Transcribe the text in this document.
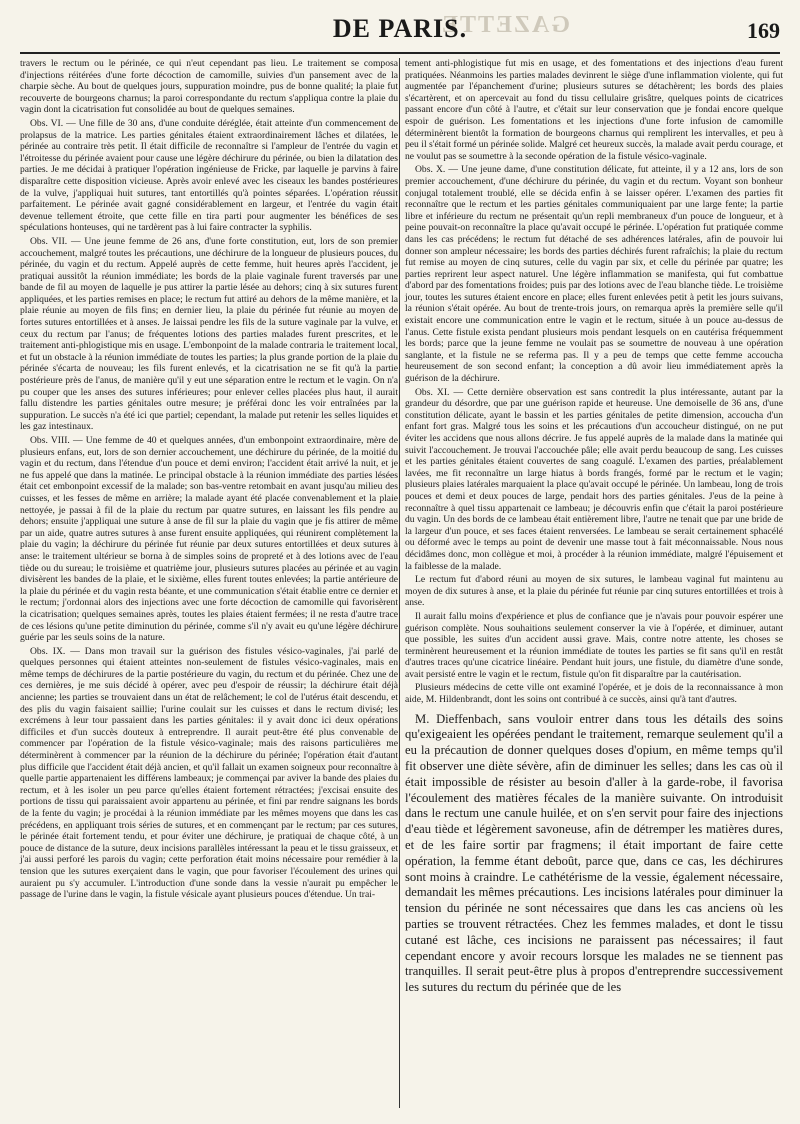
GAZETTE
DE PARIS.	169

travers le rectum ou le périnée, ce qui n'eut cependant pas lieu. Le traitement se composa d'injections réitérées d'une forte décoction de camomille, suivies d'un pansement avec de la charpie sèche. Au bout de quelques jours, suppuration moindre, pus de bonne qualité; la plaie fut recouverte de bourgeons charnus; la paroi correspondante du rectum s'appliqua contre la plaie du vagin dont la cicatrisation fut consolidée au bout de quelques semaines.

Obs. VI. — Une fille de 30 ans, d'une conduite déréglée, était atteinte d'un commencement de prolapsus de la matrice. Les parties génitales étaient extraordinairement lâches et dilatées, le périnée au contraire très petit. Il était difficile de reconnaître si l'ampleur de l'entrée du vagin et l'étroitesse du périnée avaient pour cause une légère déchirure du périnée, ou bien la dilatation des parties. Je me décidai à pratiquer l'opération ingénieuse de Fricke, par laquelle je parvins à faire disparaître cette disposition vicieuse. Après avoir enlevé avec les ciseaux les bandes postérieures de la vulve, j'appliquai huit sutures, tant entortillés qu'à pointes séparées. L'opération réussit parfaitement. Le périnée avait gagné considérablement en largeur, et l'entrée du vagin était devenue tellement étroite, que cette fille en tira parti pour augmenter les bénéfices de ses spéculations honteuses, qui ne tardèrent pas à lui faire contracter la syphilis.

Obs. VII. — Une jeune femme de 26 ans, d'une forte constitution, eut, lors de son premier accouchement, malgré toutes les précautions, une déchirure de la longueur de plusieurs pouces, du périnée, du vagin et du rectum. Appelé auprès de cette femme, huit heures après l'accident, je pratiquai aussitôt la réunion immédiate; les bords de la plaie vaginale furent traversés par une bande de fil au moyen de laquelle je pus attirer la partie lésée au dehors; cinq à six sutures furent appliquées, et les parties remises en place; le rectum fut attiré au dehors de la même manière, et la plaie réunie au moyen de fils fins; en dernier lieu, la plaie du périnée fut réunie au moyen de fortes sutures entortillées et à anses. Je laissai pendre les fils de la suture vaginale par la vulve, et ceux du rectum par l'anus; de fréquentes lotions des parties malades furent prescrites, et le traitement anti-phlogistique mis en usage. L'embonpoint de la malade contraria le traitement local, et fut un obstacle à la réunion immédiate de toutes les parties; la plus grande portion de la plaie du périnée s'écarta de nouveau; les fils furent enlevés, et la cicatrisation ne se fit qu'à la partie postérieure près de l'anus, de manière qu'il y eut une séparation entre le rectum et le vagin. On n'a pu couper que les anses des sutures inférieures; pour enlever celles placées plus haut, il aurait fallu distendre les parties génitales outre mesure; je préférai donc les voir entraînées par la suppuration. Le succès n'a été ici que partiel; cependant, la malade put retenir les selles liquides et les gaz intestinaux.

Obs. VIII. — Une femme de 40 et quelques années, d'un embonpoint extraordinaire, mère de plusieurs enfans, eut, lors de son dernier accouchement, une déchirure du périnée, de la moitié du vagin et du rectum, dans l'étendue d'un pouce et demi environ; l'accident était arrivé la nuit, et je ne fus appelé que dans la matinée. Le principal obstacle à la réunion immédiate des parties lésées était cet embonpoint excessif de la malade; son bas-ventre retombait en avant jusqu'au milieu des cuisses, et les fesses de même en arrière; la malade ayant été placée convenablement et la plaie nettoyée, je passai à fil de la plaie du rectum par quatre sutures, en laissant les fils pendre au dehors; ensuite j'appliquai une suture à anse de fil sur la plaie du vagin que je fis attirer de même par un aide, quatre autres sutures à anse furent ensuite appliquées, qui réunirent complètement la plaie du vagin; la déchirure du périnée fut réunie par deux sutures entortillées et deux sutures à anse: le traitement ultérieur se borna à de simples soins de propreté et à des lotions avec de l'eau tiède ou du sureau; le troisième et quatrième jour, plusieurs sutures placées au périnée et au vagin divisèrent les bandes de la plaie, et le sixième, elles furent toutes enlevées; la partie antérieure de la plaie du périnée et du vagin resta béante, et une communication s'était établie entre ce dernier et le rectum; j'ordonnai alors des injections avec une forte décoction de camomille qui favorisèrent la cicatrisation; quelques semaines après, toutes les plaies étaient fermées; il ne resta d'autre trace de ces lésions qu'une petite diminution du périnée, comme s'il n'y avait eu qu'une légère déchirure guérie par les seuls soins de la nature.

Obs. IX. — Dans mon travail sur la guérison des fistules vésico-vaginales, j'ai parlé de quelques personnes qui étaient atteintes non-seulement de fistules vésico-vaginales, mais en même temps de déchirures de la partie postérieure du vagin, du rectum et du périnée. Chez une de ces dernières, je me suis décidé à opérer, avec peu d'espoir de réussir; la déchirure était déjà ancienne; les parties se trouvaient dans un état de relâchement; le col de l'utérus était descendu, et des plis du vagin faisaient saillie; l'urine coulait sur les cuisses et dans le rectum divisé; les excrémens à leur tour passaient dans les parties génitales: il y avait donc ici deux opérations difficiles et d'un succès douteux à entreprendre. Il aurait peut-être été plus convenable de commencer par l'opération de la fistule vésico-vaginale; mais des raisons particulières me déterminèrent à commencer par la réunion de la déchirure du périnée; l'opération était d'autant plus difficile que l'accident était déjà ancien, et qu'il fallait un examen soigneux pour reconnaître à quelle partie appartenaient les différens lambeaux; je commençai par aviver la bande des plaies du rectum, et à les isoler un peu parce qu'elles étaient fortement rétractées; j'excisai ensuite des portions de tissu qui paraissaient avoir appartenu au périnée, et fini par rendre saignans les bords de la fente du vagin; je procédai à la réunion immédiate par les mêmes moyens que dans les cas précédens, en appliquant trois séries de sutures, et en commençant par le rectum; par ces sutures, le périnée était fortement tendu, et pour éviter une déchirure, je pratiquai de chaque côté, à un pouce de distance de la suture, deux incisions parallèles intéressant la peau et le tissu graisseux, et j'ai aussi perforé les parois du vagin; cette perforation était moins nécessaire pour remédier à la tension que les sutures exerçaient dans le vagin, que pour favoriser l'écoulement des urines qui auraient pu s'y accumuler. L'introduction d'une sonde dans la vessie n'aurait pu empêcher le passage de l'urine dans le vagin, la fistule vésicale ayant plusieurs pouces d'étendue. Un trai-

tement anti-phlogistique fut mis en usage, et des fomentations et des injections d'eau furent pratiquées. Néanmoins les parties malades devinrent le siège d'une inflammation violente, qui fut augmentée par l'épanchement d'urine; plusieurs sutures se détachèrent; les bords des plaies s'écartèrent, et on apercevait au fond du tissu cellulaire grisâtre, quelques points de cicatrices passant encore d'un côté à l'autre, et c'était sur leur conservation que je fondai encore quelque espoir de guérison. Les fomentations et les injections d'une forte infusion de camomille déterminèrent bientôt la formation de bourgeons charnus qui remplirent les intervalles, et peu à peu il s'était formé un périnée solide. Malgré cet heureux succès, la malade avait perdu courage, et ne voulut pas se soumettre à la seconde opération de la fistule vésico-vaginale.

Obs. X. — Une jeune dame, d'une constitution délicate, fut atteinte, il y a 12 ans, lors de son premier accouchement, d'une déchirure du périnée, du vagin et du rectum. Voyant son bonheur conjugal totalement troublé, elle se décida enfin à se laisser opérer. L'examen des parties fit reconnaître que le rectum et les parties génitales communiquaient par une large fente; la partie libre et inférieure du rectum ne présentait qu'un repli membraneux d'un pouce de longueur, et à peine pouvait-on reconnaître la place qu'avait occupé le périnée. L'opération fut pratiquée comme dans les cas précédens; le rectum fut détaché de ses adhérences latérales, afin de pouvoir lui donner son ampleur nécessaire; les bords des parties déchirés furent rafraîchis; la plaie du rectum fut remise au moyen de cinq sutures, celle du vagin par six, et celle du périnée par quatre; les parties reprirent leur aspect naturel. Une légère inflammation se manifesta, qui fut combattue d'abord par des fomentations froides; puis par des lotions avec de l'eau blanche tiède. Le troisième jour, toutes les sutures étaient encore en place; elles furent enlevées petit à petit les jours suivans, la réunion s'était opérée. Au bout de trente-trois jours, on remarqua après la première selle qu'il existait encore une communication entre le vagin et le rectum, située à un pouce au-dessus de l'anus. Cette fistule exista pendant plusieurs mois pendant lesquels on en cautérisa fréquemment les bords; parce que la jeune femme ne voulait pas se soumettre de nouveau à une opération sanglante, et la fistule ne se referma pas. Il y a peu de temps que cette femme accoucha heureusement de son second enfant; la conception a dû avoir lieu immédiatement après la guérison de la déchirure.

Obs. XI. — Cette dernière observation est sans contredit la plus intéressante, autant par la grandeur du désordre, que par une guérison rapide et heureuse. Une demoiselle de 36 ans, d'une constitution délicate, ayant le bassin et les parties génitales de petite dimension, accoucha d'un enfant fort gras. Malgré tous les soins et les précautions d'un accoucheur distingué, on ne put éviter les accidens que nous allons décrire. Je fus appelé auprès de la malade dans la matinée qui suivit l'accouchement. Je trouvai l'accouchée pâle; elle avait perdu beaucoup de sang. Les cuisses et les parties génitales étaient couvertes de sang coagulé. L'examen des parties, préalablement lavées, me fit reconnaître un large hiatus à bords frangés, formé par le rectum et le vagin; plusieurs plaies latérales marquaient la place qu'avait occupé le périnée. Un lambeau, long de trois pouces et demi et deux pouces de large, pendait hors des parties génitales. J'eus de la peine à reconnaître à quel tissu appartenait ce lambeau; je découvris enfin que c'était la paroi postérieure du vagin. Un des bords de ce lambeau était entièrement libre, l'autre ne tenait que par une bride de la largeur d'un pouce, et ses faces étaient renversées. Le lambeau se serait certainement sphacélé ou déformé avec le temps au point de devenir une masse tout à fait méconnaissable. Nous nous décidâmes donc, mon collègue et moi, à procéder à la réunion immédiate, malgré l'épuisement et la faiblesse de la malade.

Le rectum fut d'abord réuni au moyen de six sutures, le lambeau vaginal fut maintenu au moyen de dix sutures à anse, et la plaie du périnée fut réunie par cinq sutures entortillées et trois à anse.

Il aurait fallu moins d'expérience et plus de confiance que je n'avais pour pouvoir espérer une guérison complète. Nous souhaitions seulement conserver la vie à l'opérée, et diminuer, autant que possible, les suites d'un accident aussi grave. Mais, contre notre attente, les choses se terminèrent heureusement et la réunion immédiate de toutes les parties se fit sans qu'il en restât d'autres traces qu'une cicatrice linéaire. Pendant huit jours, une fistule, du diamètre d'une sonde, avait persisté entre le vagin et le rectum, fistule qu'on fit disparaître par la cautérisation.

Plusieurs médecins de cette ville ont examiné l'opérée, et je dois de la reconnaissance à mon aide, M. Hildenbrandt, dont les soins ont contribué à ce succès, ainsi qu'à tant d'autres.

M. Dieffenbach, sans vouloir entrer dans tous les détails des soins qu'exigeaient les opérées pendant le traitement, remarque seulement qu'il a eu la précaution de donner quelques doses d'opium, en même temps qu'il fit observer une diète sévère, afin de diminuer les selles; dans les cas où il était impossible de résister au besoin d'aller à la garde-robe, il favorisa l'écoulement des matières fécales de la manière suivante. On introduisit dans le rectum une canule huilée, et on s'en servit pour faire des injections d'eau tiède et légèrement savoneuse, afin de détremper les matières dures, et de les faire sortir par fragmens; il était important de faire cette opération, la femme étant deboût, parce que, dans ce cas, les déchirures sont moins à craindre. Le cathétérisme de la vessie, également nécessaire, demandait les mêmes précautions. Les incisions latérales pour diminuer la tension du périnée ne sont nécessaires que dans les cas anciens où les parties se trouvent rétractées. Chez les femmes malades, et dont le tissu cutané est lâche, ces incisions ne paraissent pas nécessaires; il faut cependant encore y avoir recours lorsque les malades ne se tiennent pas tranquilles. Il serait peut-être plus à propos d'entreprendre successivement les sutures du rectum du périnée que de les
